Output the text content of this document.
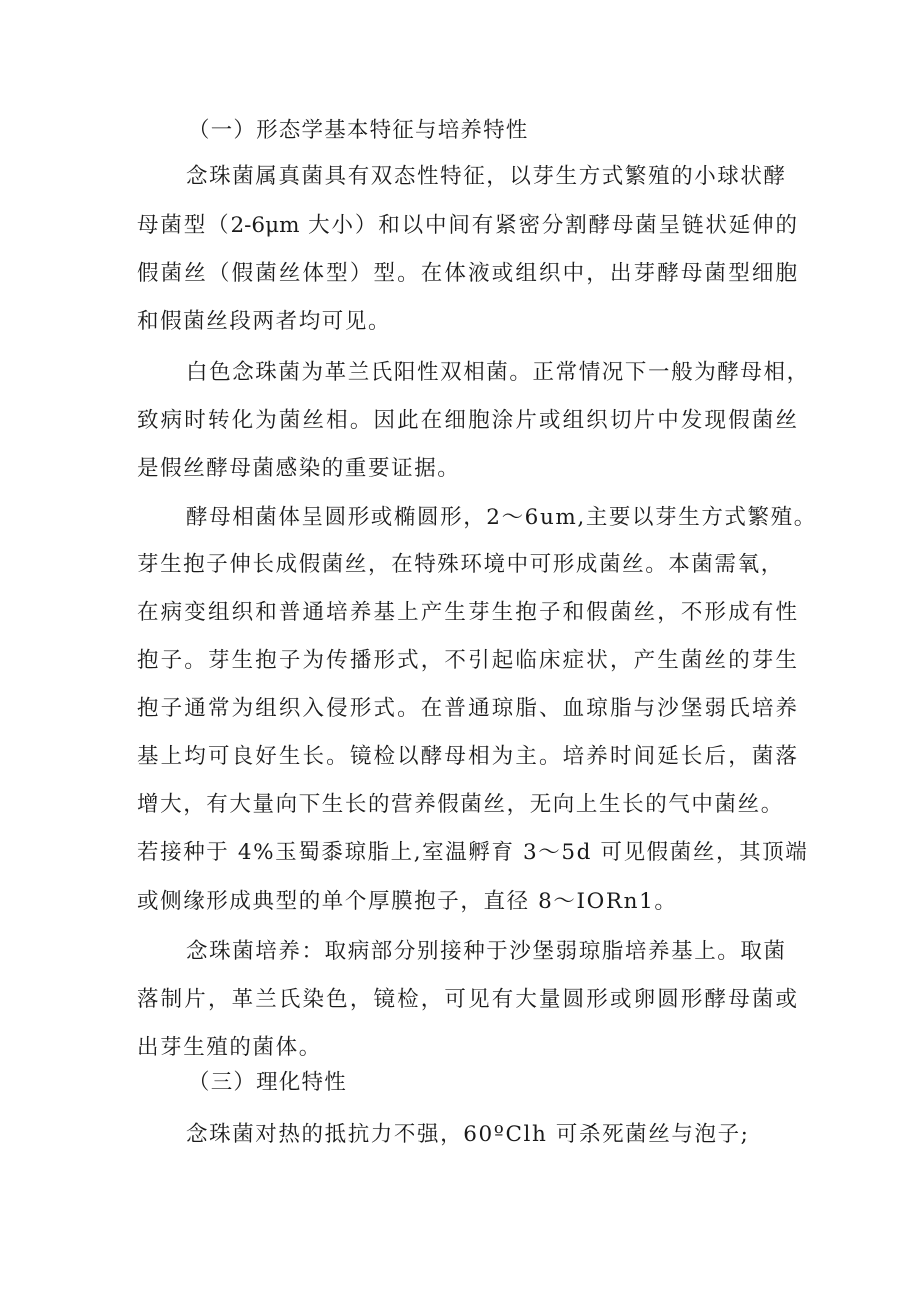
（一）形态学基本特征与培养特性
念珠菌属真菌具有双态性特征，以芽生方式繁殖的小球状酵
母菌型（2-6μm 大小）和以中间有紧密分割酵母菌呈链状延伸的
假菌丝（假菌丝体型）型。在体液或组织中，出芽酵母菌型细胞
和假菌丝段两者均可见。
白色念珠菌为革兰氏阳性双相菌。正常情况下一般为酵母相，
致病时转化为菌丝相。因此在细胞涂片或组织切片中发现假菌丝
是假丝酵母菌感染的重要证据。
酵母相菌体呈圆形或椭圆形，2～6um,主要以芽生方式繁殖。
芽生抱子伸长成假菌丝，在特殊环境中可形成菌丝。本菌需氧，
在病变组织和普通培养基上产生芽生抱子和假菌丝，不形成有性
抱子。芽生抱子为传播形式，不引起临床症状，产生菌丝的芽生
抱子通常为组织入侵形式。在普通琼脂、血琼脂与沙堡弱氏培养
基上均可良好生长。镜检以酵母相为主。培养时间延长后，菌落
增大，有大量向下生长的营养假菌丝，无向上生长的气中菌丝。
若接种于 4%玉蜀黍琼脂上,室温孵育 3～5d 可见假菌丝，其顶端
或侧缘形成典型的单个厚膜抱子，直径 8～IORn1。
念珠菌培养：取病部分别接种于沙堡弱琼脂培养基上。取菌
落制片，革兰氏染色，镜检，可见有大量圆形或卵圆形酵母菌或
出芽生殖的菌体。
（三）理化特性
念珠菌对热的抵抗力不强，60ºClh 可杀死菌丝与泡子;
